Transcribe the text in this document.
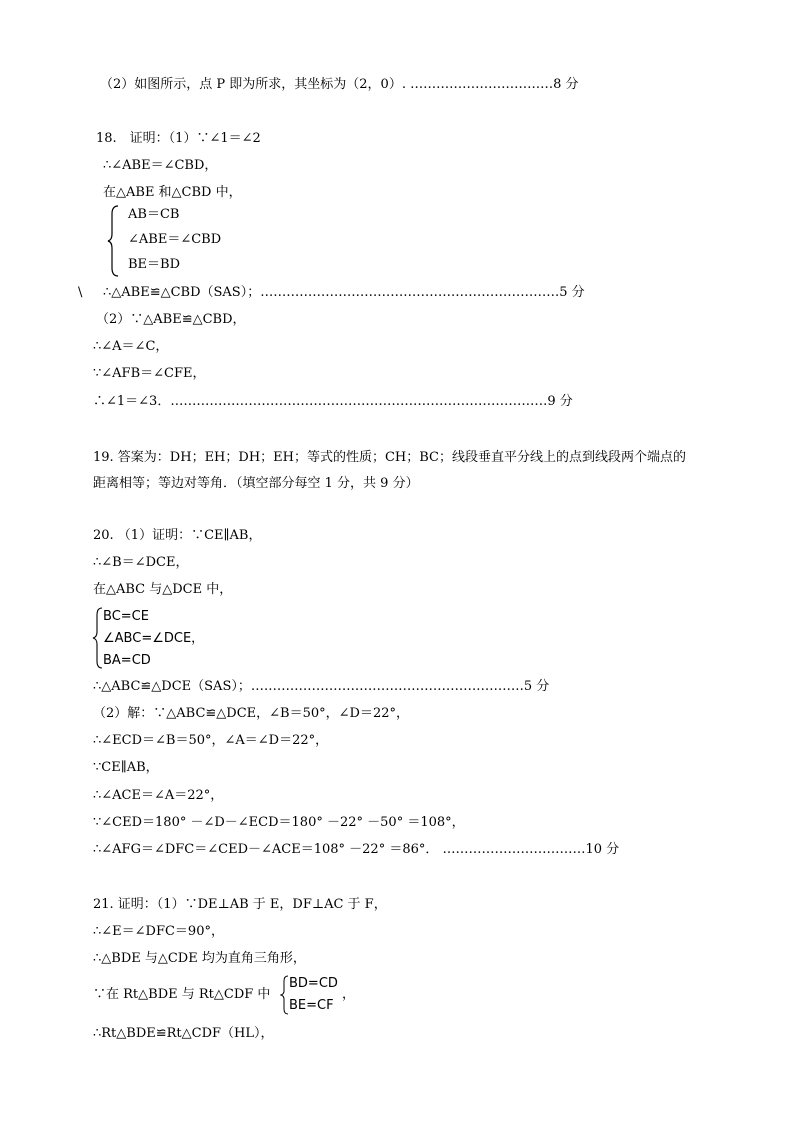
（2）如图所示，点 P 即为所求，其坐标为（2，0）. ……………………………8 分
18.　证明：（1）∵∠1＝∠2
∴∠ABE＝∠CBD，
在△ABE 和△CBD 中，
AB＝CB
∠ABE＝∠CBD
BE＝BD
\ ∴△ABE≌△CBD（SAS）；……………………………………………………………5 分
（2）∵△ABE≌△CBD，
∴∠A＝∠C，
∵∠AFB＝∠CFE，
∴∠1＝∠3．……………………………………………………………………………9 分
19. 答案为：DH；EH；DH；EH；等式的性质；CH；BC；线段垂直平分线上的点到线段两个端点的
距离相等；等边对等角．（填空部分每空 1 分，共 9 分）
20. （1）证明：∵CE∥AB，
∴∠B＝∠DCE，
在△ABC 与△DCE 中，
BC=CE
∠ABC=∠DCE，
BA=CD
∴△ABC≌△DCE（SAS）；………………………………………………………5 分
（2）解：∵△ABC≌△DCE，∠B＝50°，∠D＝22°，
∴∠ECD＝∠B＝50°，∠A＝∠D＝22°，
∵CE∥AB，
∴∠ACE＝∠A＝22°，
∵∠CED＝180° －∠D－∠ECD＝180° －22° －50° ＝108°，
∴∠AFG＝∠DFC＝∠CED－∠ACE＝108° －22° ＝86°． ……………………………10 分
21. 证明：（1）∵DE⊥AB 于 E，DF⊥AC 于 F，
∴∠E＝∠DFC＝90°，
∴△BDE 与△CDE 均为直角三角形，
∵在 Rt△BDE 与 Rt△CDF 中
BD=CD
BE=CF
，
∴Rt△BDE≌Rt△CDF（HL），
